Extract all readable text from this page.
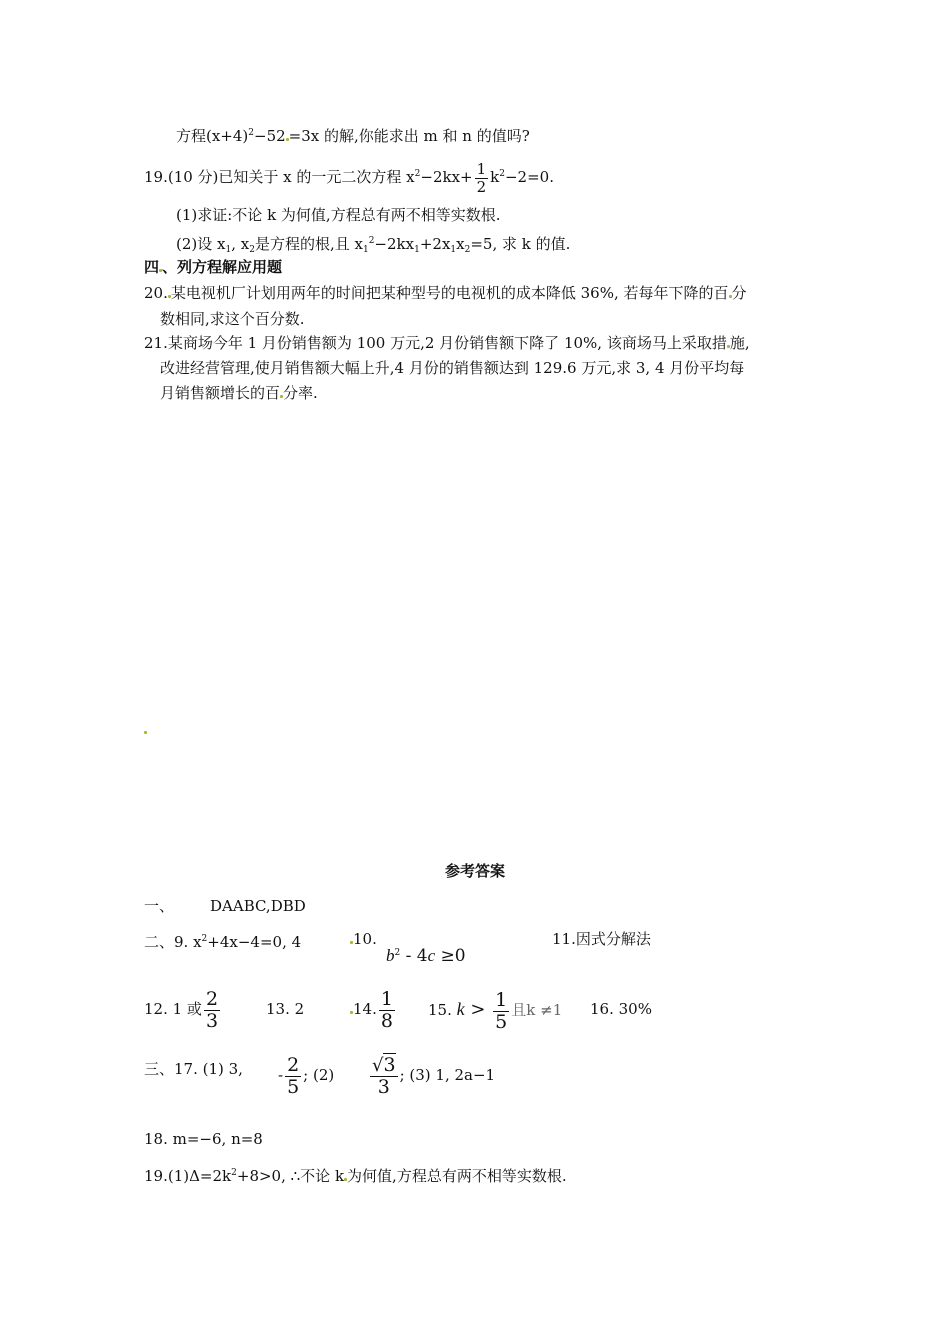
方程$(x+4)^2-52 =3x$ 的解,你能求出 m 和 n 的值吗?
19.(10 分)已知关于 x 的一元二次方程 $x^2-2kx+ \frac{1}{2} k^2-2=0$.
(1)求证:不论 k 为何值,方程总有两不相等实数根.
(2)设 $x_1$, $x_2$是方程的根,且 $x_1^2-2kx_1+2x_1x_2=5$, 求 k 的值.
四 、列方程解应用题
20. 某电视机厂计划用两年的时间把某种型号的电视机的成本降低 36%, 若每年下降的百 分
数相同,求这个百分数.
21.某商场今年 1 月份销售额为 100 万元,2 月份销售额下降了 10%, 该商场马上采取措 施,
改进经营管理,使月销售额大幅上升,4 月份的销售额达到 129.6 万元,求 3, 4 月份平均每
月销售额增长的百 分率.
参考答案
一、 DAABC,DBD
二、9. $x^2+4x-4=0$, 4	10.
$b^2 - 4c \ge 0$
11.因式分解法
12. 1 或 $\frac{2}{3}$	13. 2	14. $\frac{1}{8} 15$. $k > \frac{1}{5}$ 且k ≠1 16. 30%
三、17. (1) 3, - $\frac{2}{5}$ ; $(2) \frac{√3}{3}$ ; (3) 1, 2a−1
18. m=−6, n=8
$19.(1)\Delta=2k^2+8>0$, ∴不论 k 为何值,方程总有两不相等实数根.
